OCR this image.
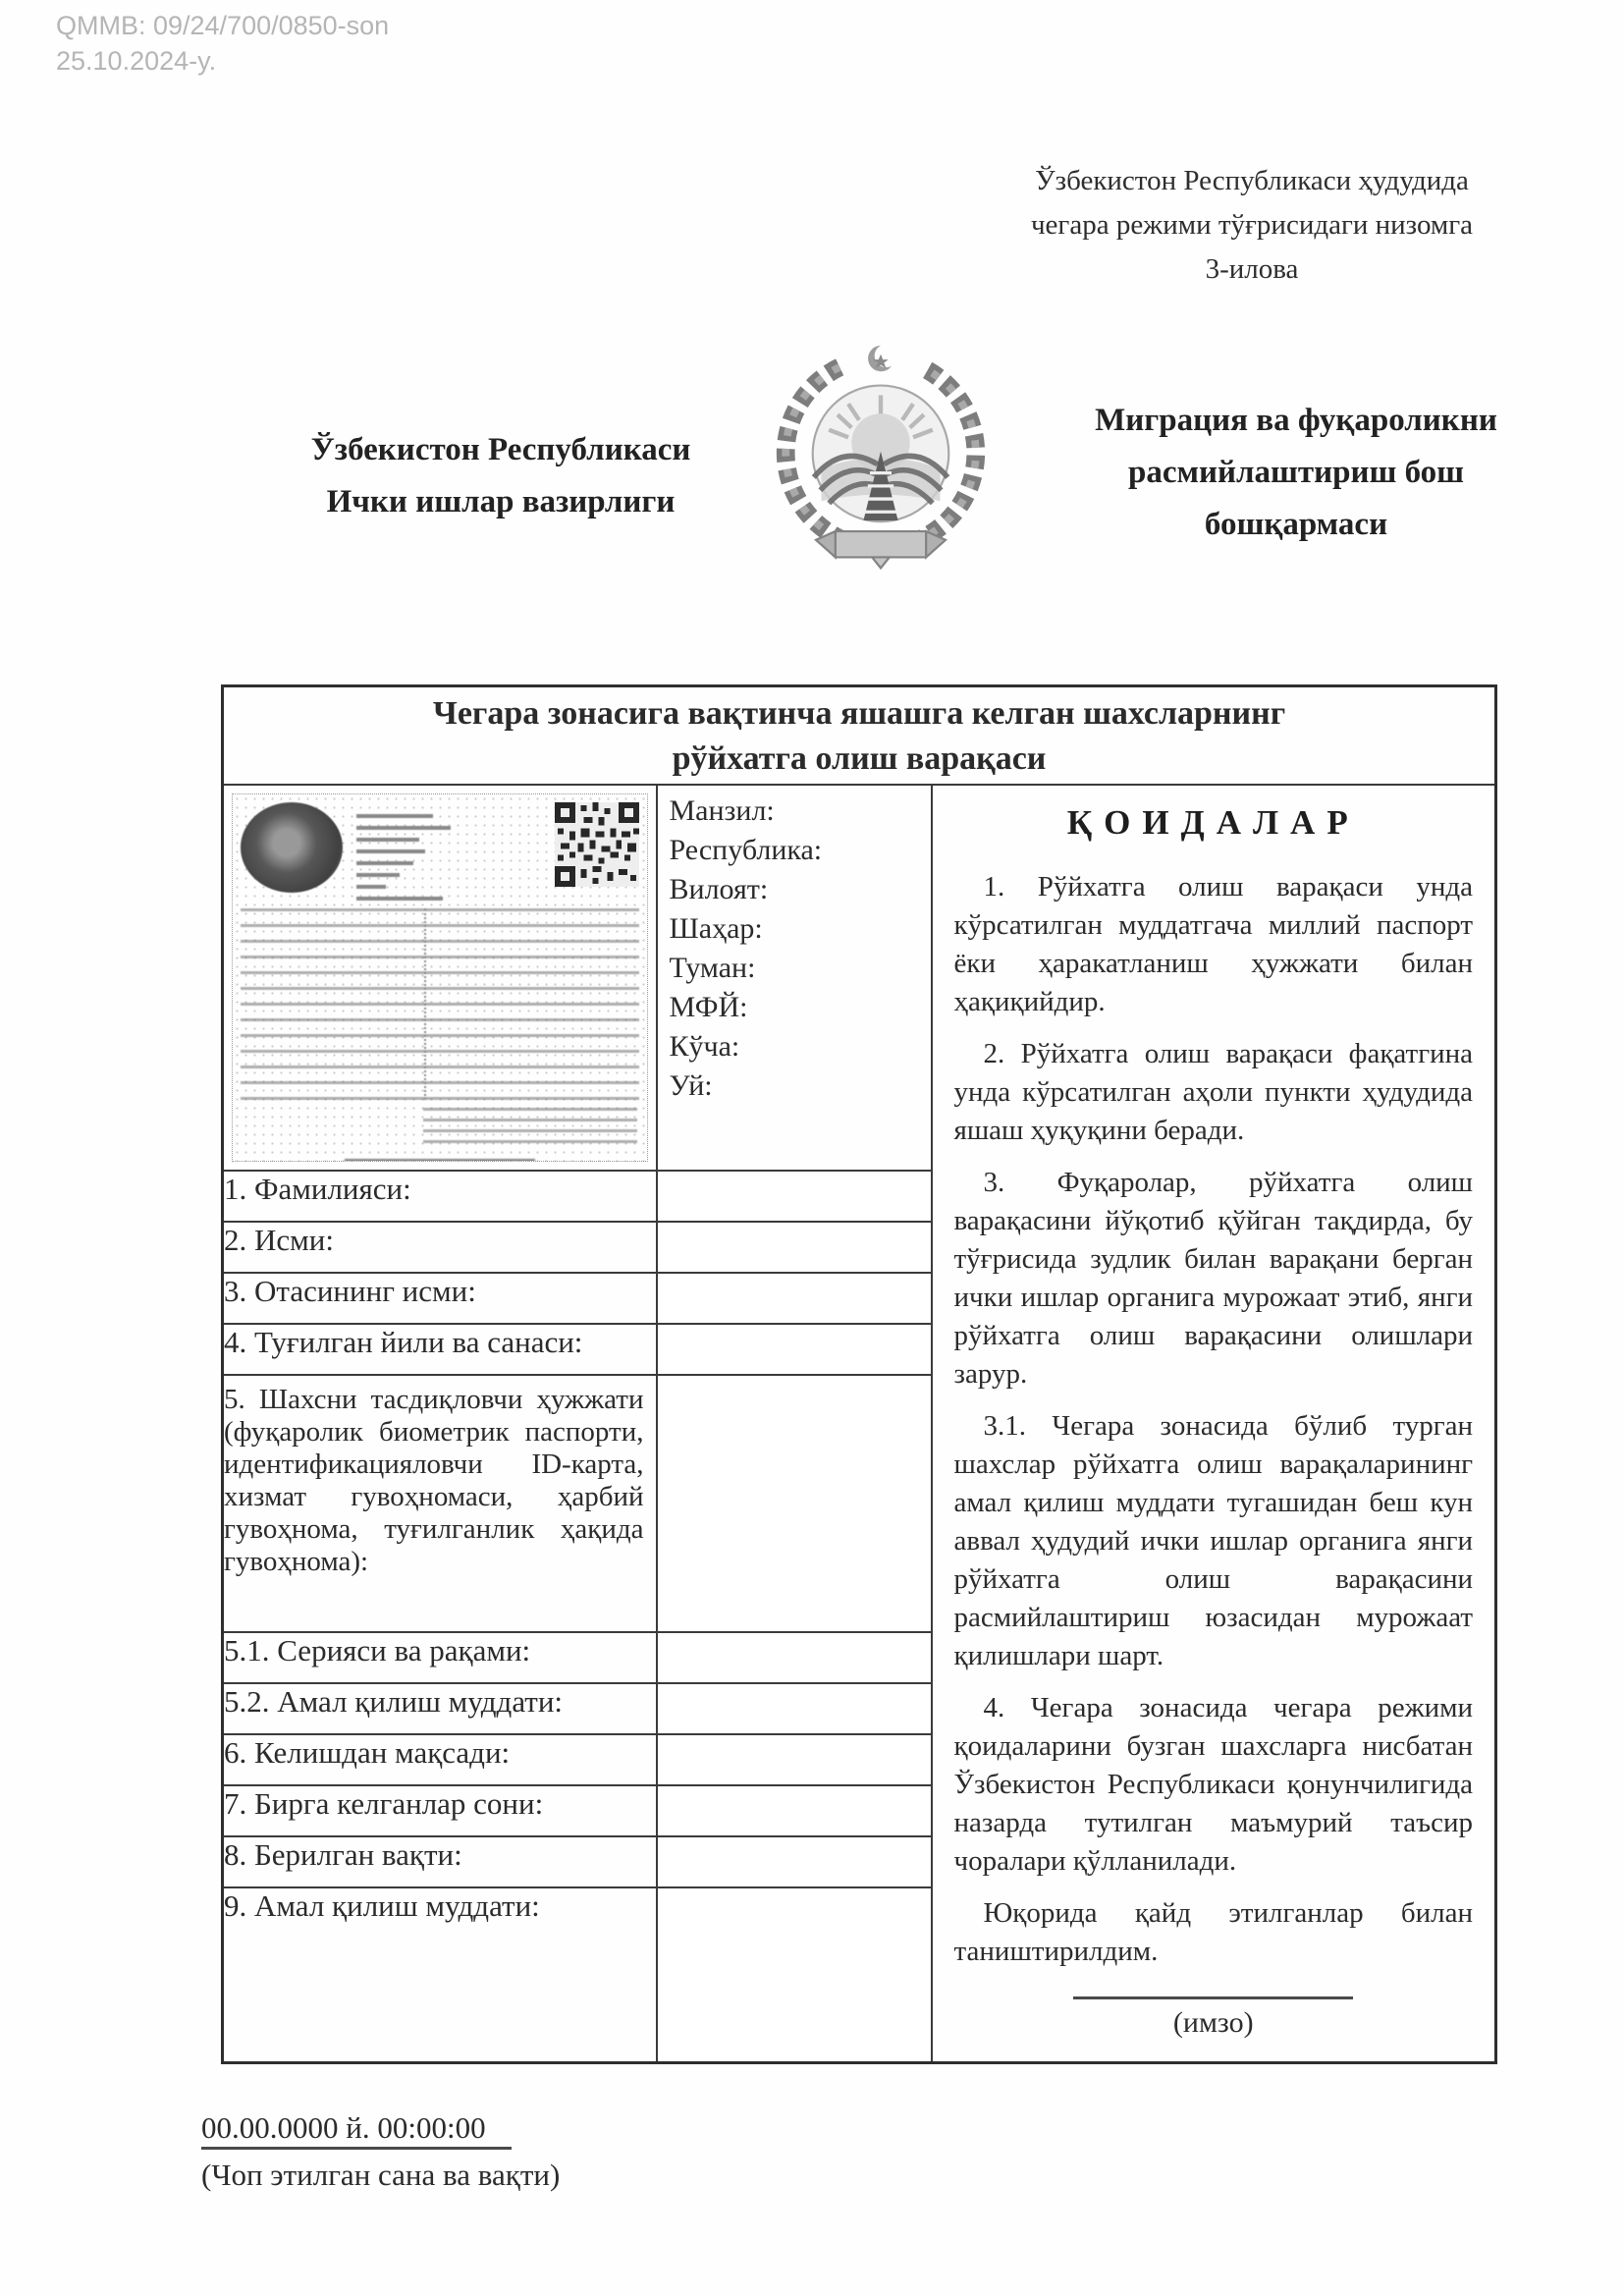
QMMB: 09/24/700/0850-son
25.10.2024-y.
Ўзбекистон Республикаси ҳудудида
чегара режими тўғрисидаги низомга
3-илова
Ўзбекистон Республикаси
Ички ишлар вазирлиги
Миграция ва фуқароликни
расмийлаштириш бош
бошқармаси
Чегара зонасига вақтинча яшашга келган шахсларнинг
рўйхатга олиш варақаси		

Манзил:
Республика:
Вилоят:
Шаҳар:
Туман:
МФЙ:
Кўча:
Уй:

ҚОИДАЛАР

1. Рўйхатга олиш варақаси унда кўрсатилган муддатгача миллий паспорт ёки ҳаракатланиш ҳужжати билан ҳақиқийдир.

2. Рўйхатга олиш варақаси фақатгина унда кўрсатилган аҳоли пункти ҳудудида яшаш ҳуқуқини беради.

3. Фуқаролар, рўйхатга олиш варақасини йўқотиб қўйган тақдирда, бу тўғрисида зудлик билан варақани берган ички ишлар органига мурожаат этиб, янги рўйхатга олиш варақасини олишлари зарур.

3.1. Чегара зонасида бўлиб турган шахслар рўйхатга олиш варақаларининг амал қилиш муддати тугашидан беш кун аввал ҳудудий ички ишлар органига янги рўйхатга олиш варақасини расмийлаштириш юзасидан мурожаат қилишлари шарт.

4. Чегара зонасида чегара режими қоидаларини бузган шахсларга нисбатан Ўзбекистон Республикаси қонунчилигида назарда тутилган маъмурий таъсир чоралари қўлланилади.

Юқорида қайд этилганлар билан таништирилдим.

(имзо)

1. Фамилияси:		
2. Исми:		
3. Отасининг исми:		
4. Туғилган йили ва санаси:		
5. Шахсни тасдиқловчи ҳужжати (фуқаролик биометрик паспорти, идентификацияловчи ID-карта, хизмат гувоҳномаси, ҳарбий гувоҳнома, туғилганлик ҳақида гувоҳнома):		
5.1. Серияси ва рақами:		
5.2. Амал қилиш муддати:		
6. Келишдан мақсади:		
7. Бирга келганлар сони:		
8. Берилган вақти:		
9. Амал қилиш муддати:		
00.00.0000 й. 00:00:00
(Чоп этилган сана ва вақти)
